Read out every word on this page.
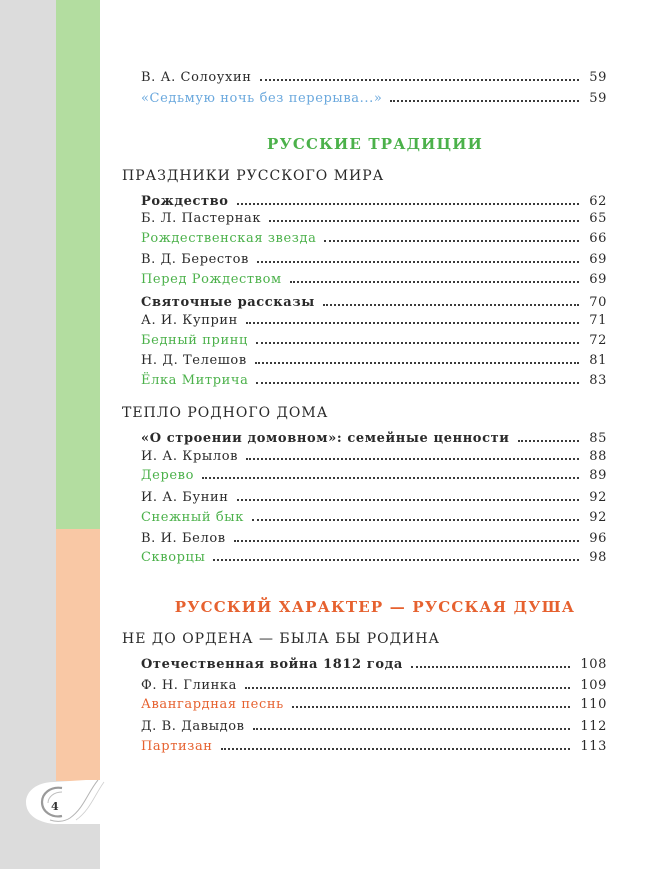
4
В. А. Солоухин	59
«Седьмую ночь без перерыва...»	59
РУССКИЕ ТРАДИЦИИ
ПРАЗДНИКИ РУССКОГО МИРА
Рождество	62
Б. Л. Пастернак	65
Рождественская звезда	66
В. Д. Берестов	69
Перед Рождеством	69
Святочные рассказы	70
А. И. Куприн	71
Бедный принц	72
Н. Д. Телешов	81
Ёлка Митрича	83
ТЕПЛО РОДНОГО ДОМА
«О строении домовном»: семейные ценности	85
И. А. Крылов	88
Дерево	89
И. А. Бунин	92
Снежный бык	92
В. И. Белов	96
Скворцы	98
РУССКИЙ ХАРАКТЕР — РУССКАЯ ДУША
НЕ ДО ОРДЕНА — БЫЛА БЫ РОДИНА
Отечественная война 1812 года	108
Ф. Н. Глинка	109
Авангардная песнь	110
Д. В. Давыдов	112
Партизан	113
